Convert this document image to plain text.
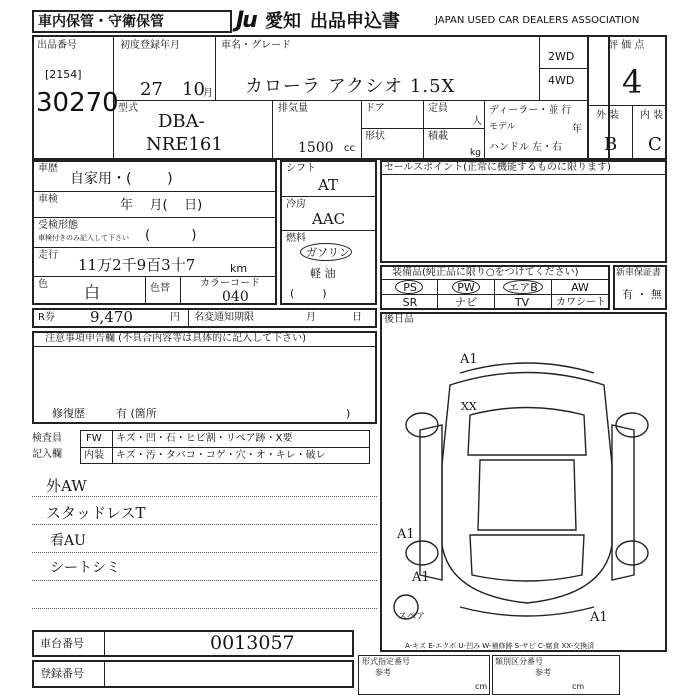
車内保管・守衛保管	Ju 愛知 出品申込書	JAPAN USED CAR DEALERS ASSOCIATION
出品番号
[2154]
30270
初度登録年月
27 10
月
車名・グレード
カローラ アクシオ 1.5X
2WD
4WD
評 価 点
4
外 装 内 装
B C
型式
DBA-
NRE161
排気量
1500 cc
ドア
形状
定員
人
積載
kg
ディーラー・並 行
モデル	年
ハンドル 左・右
車歴
自家用・(        )
車検	年    月(    日)
受検形態
車検付きのみ記入して下さい (          )
走行
11万2千9百3十7	km
色 白	色替	カラーコード
040
シフト
AT
冷房
AAC
燃料
ガソリン
軽 油
(        )
セールスポイント(正常に機能するものに限ります)
装備品(純正品に限り○をつけてください)
PS	PW	エアB	AW
SR	ナビ	TV	カワシート
新車保証書
有 ・ 無
R券 9,470	円 名変通知期限	月	日 後日品
注意事項申告欄 (不具合内容等は具体的に記入して下さい)
修復歴	有 (箇所	)
検査員
記入欄
FW キズ・凹・石・ヒビ割・リペア跡・X要
内装 キズ・汚・タバコ・コゲ・穴・オ・キレ・破レ
外AW
スタッドレスT
看AU
シートシミ
A1
XX
A1
A1
A1
スペア
A-キズ E-エクボ U-凹み W-補修跡 S-サビ C-腐食 XX-交換済
車台番号	0013057
登録番号
形式指定番号	類別区分番号
参考	参考
cm	cm
